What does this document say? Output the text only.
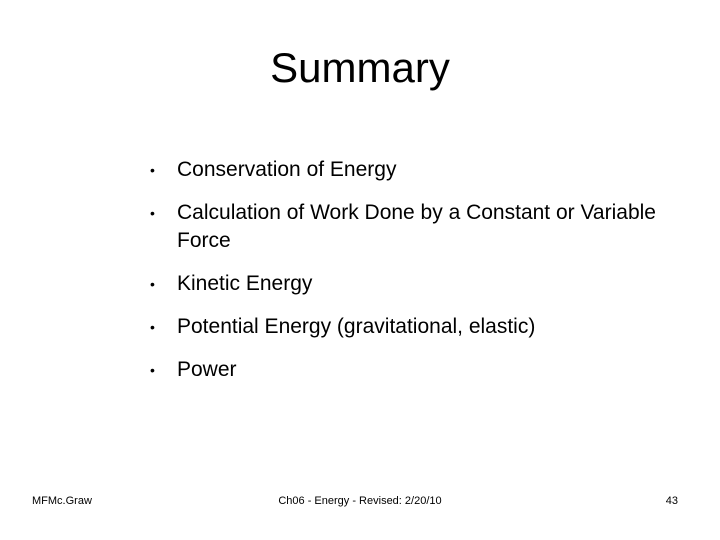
Summary
• Conservation of Energy
• Calculation of Work Done by a Constant or Variable Force
• Kinetic Energy
• Potential Energy (gravitational, elastic)
• Power
MFMc.Graw	Ch06 - Energy - Revised: 2/20/10	43
